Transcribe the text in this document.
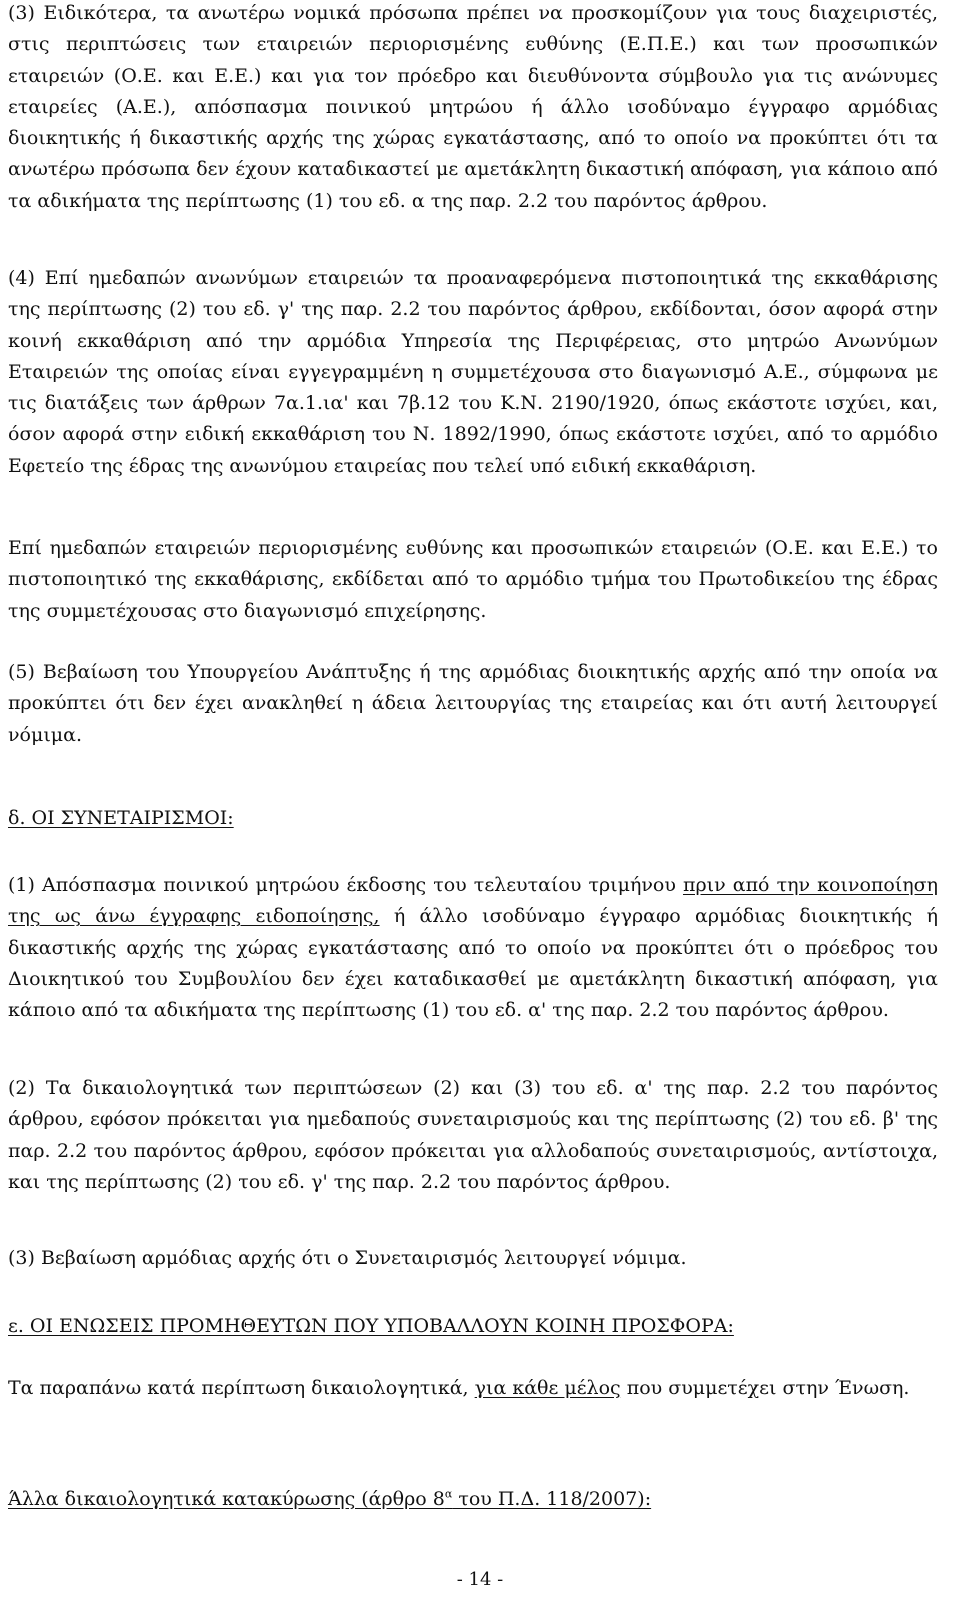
(3) Ειδικότερα, τα ανωτέρω νομικά πρόσωπα πρέπει να προσκομίζουν για τους διαχειριστές, στις περιπτώσεις των εταιρειών περιορισμένης ευθύνης (Ε.Π.Ε.) και των προσωπικών εταιρειών (Ο.Ε. και Ε.Ε.) και για τον πρόεδρο και διευθύνοντα σύμβουλο για τις ανώνυμες εταιρείες (Α.Ε.), απόσπασμα ποινικού μητρώου ή άλλο ισοδύναμο έγγραφο αρμόδιας διοικητικής ή δικαστικής αρχής της χώρας εγκατάστασης, από το οποίο να προκύπτει ότι τα ανωτέρω πρόσωπα δεν έχουν καταδικαστεί με αμετάκλητη δικαστική απόφαση, για κάποιο από τα αδικήματα της περίπτωσης (1) του εδ. α της παρ. 2.2 του παρόντος άρθρου.

(4) Επί ημεδαπών ανωνύμων εταιρειών τα προαναφερόμενα πιστοποιητικά της εκκαθάρισης της περίπτωσης (2) του εδ. γ' της παρ. 2.2 του παρόντος άρθρου, εκδίδονται, όσον αφορά στην κοινή εκκαθάριση από την αρμόδια Υπηρεσία της Περιφέρειας, στο μητρώο Ανωνύμων Εταιρειών της οποίας είναι εγγεγραμμένη η συμμετέχουσα στο διαγωνισμό Α.Ε., σύμφωνα με τις διατάξεις των άρθρων 7α.1.ια' και 7β.12 του Κ.Ν. 2190/1920, όπως εκάστοτε ισχύει, και, όσον αφορά στην ειδική εκκαθάριση του Ν. 1892/1990, όπως εκάστοτε ισχύει, από το αρμόδιο Εφετείο της έδρας της ανωνύμου εταιρείας που τελεί υπό ειδική εκκαθάριση.

Επί ημεδαπών εταιρειών περιορισμένης ευθύνης και προσωπικών εταιρειών (Ο.Ε. και Ε.Ε.) το πιστοποιητικό της εκκαθάρισης, εκδίδεται από το αρμόδιο τμήμα του Πρωτοδικείου της έδρας της συμμετέχουσας στο διαγωνισμό επιχείρησης.

(5) Βεβαίωση του Υπουργείου Ανάπτυξης ή της αρμόδιας διοικητικής αρχής από την οποία να προκύπτει ότι δεν έχει ανακληθεί η άδεια λειτουργίας της εταιρείας και ότι αυτή λειτουργεί νόμιμα.

δ. ΟΙ ΣΥΝΕΤΑΙΡΙΣΜΟΙ:

(1) Απόσπασμα ποινικού μητρώου έκδοσης του τελευταίου τριμήνου πριν από την κοινοποίηση της ως άνω έγγραφης ειδοποίησης, ή άλλο ισοδύναμο έγγραφο αρμόδιας διοικητικής ή δικαστικής αρχής της χώρας εγκατάστασης από το οποίο να προκύπτει ότι ο πρόεδρος του Διοικητικού του Συμβουλίου δεν έχει καταδικασθεί με αμετάκλητη δικαστική απόφαση, για κάποιο από τα αδικήματα της περίπτωσης (1) του εδ. α' της παρ. 2.2 του παρόντος άρθρου.

(2) Τα δικαιολογητικά των περιπτώσεων (2) και (3) του εδ. α' της παρ. 2.2 του παρόντος άρθρου, εφόσον πρόκειται για ημεδαπούς συνεταιρισμούς και της περίπτωσης (2) του εδ. β' της παρ. 2.2 του παρόντος άρθρου, εφόσον πρόκειται για αλλοδαπούς συνεταιρισμούς, αντίστοιχα, και της περίπτωσης (2) του εδ. γ' της παρ. 2.2 του παρόντος άρθρου.

(3) Βεβαίωση αρμόδιας αρχής ότι ο Συνεταιρισμός λειτουργεί νόμιμα.

ε. ΟΙ ΕΝΩΣΕΙΣ ΠΡΟΜΗΘΕΥΤΩΝ ΠΟΥ ΥΠΟΒΑΛΛΟΥΝ ΚΟΙΝΗ ΠΡΟΣΦΟΡΑ:

Τα παραπάνω κατά περίπτωση δικαιολογητικά, για κάθε μέλος που συμμετέχει στην Ένωση.

Άλλα δικαιολογητικά κατακύρωσης (άρθρο $8^\alpha$ του Π.Δ. 118/2007):

- 14 -
